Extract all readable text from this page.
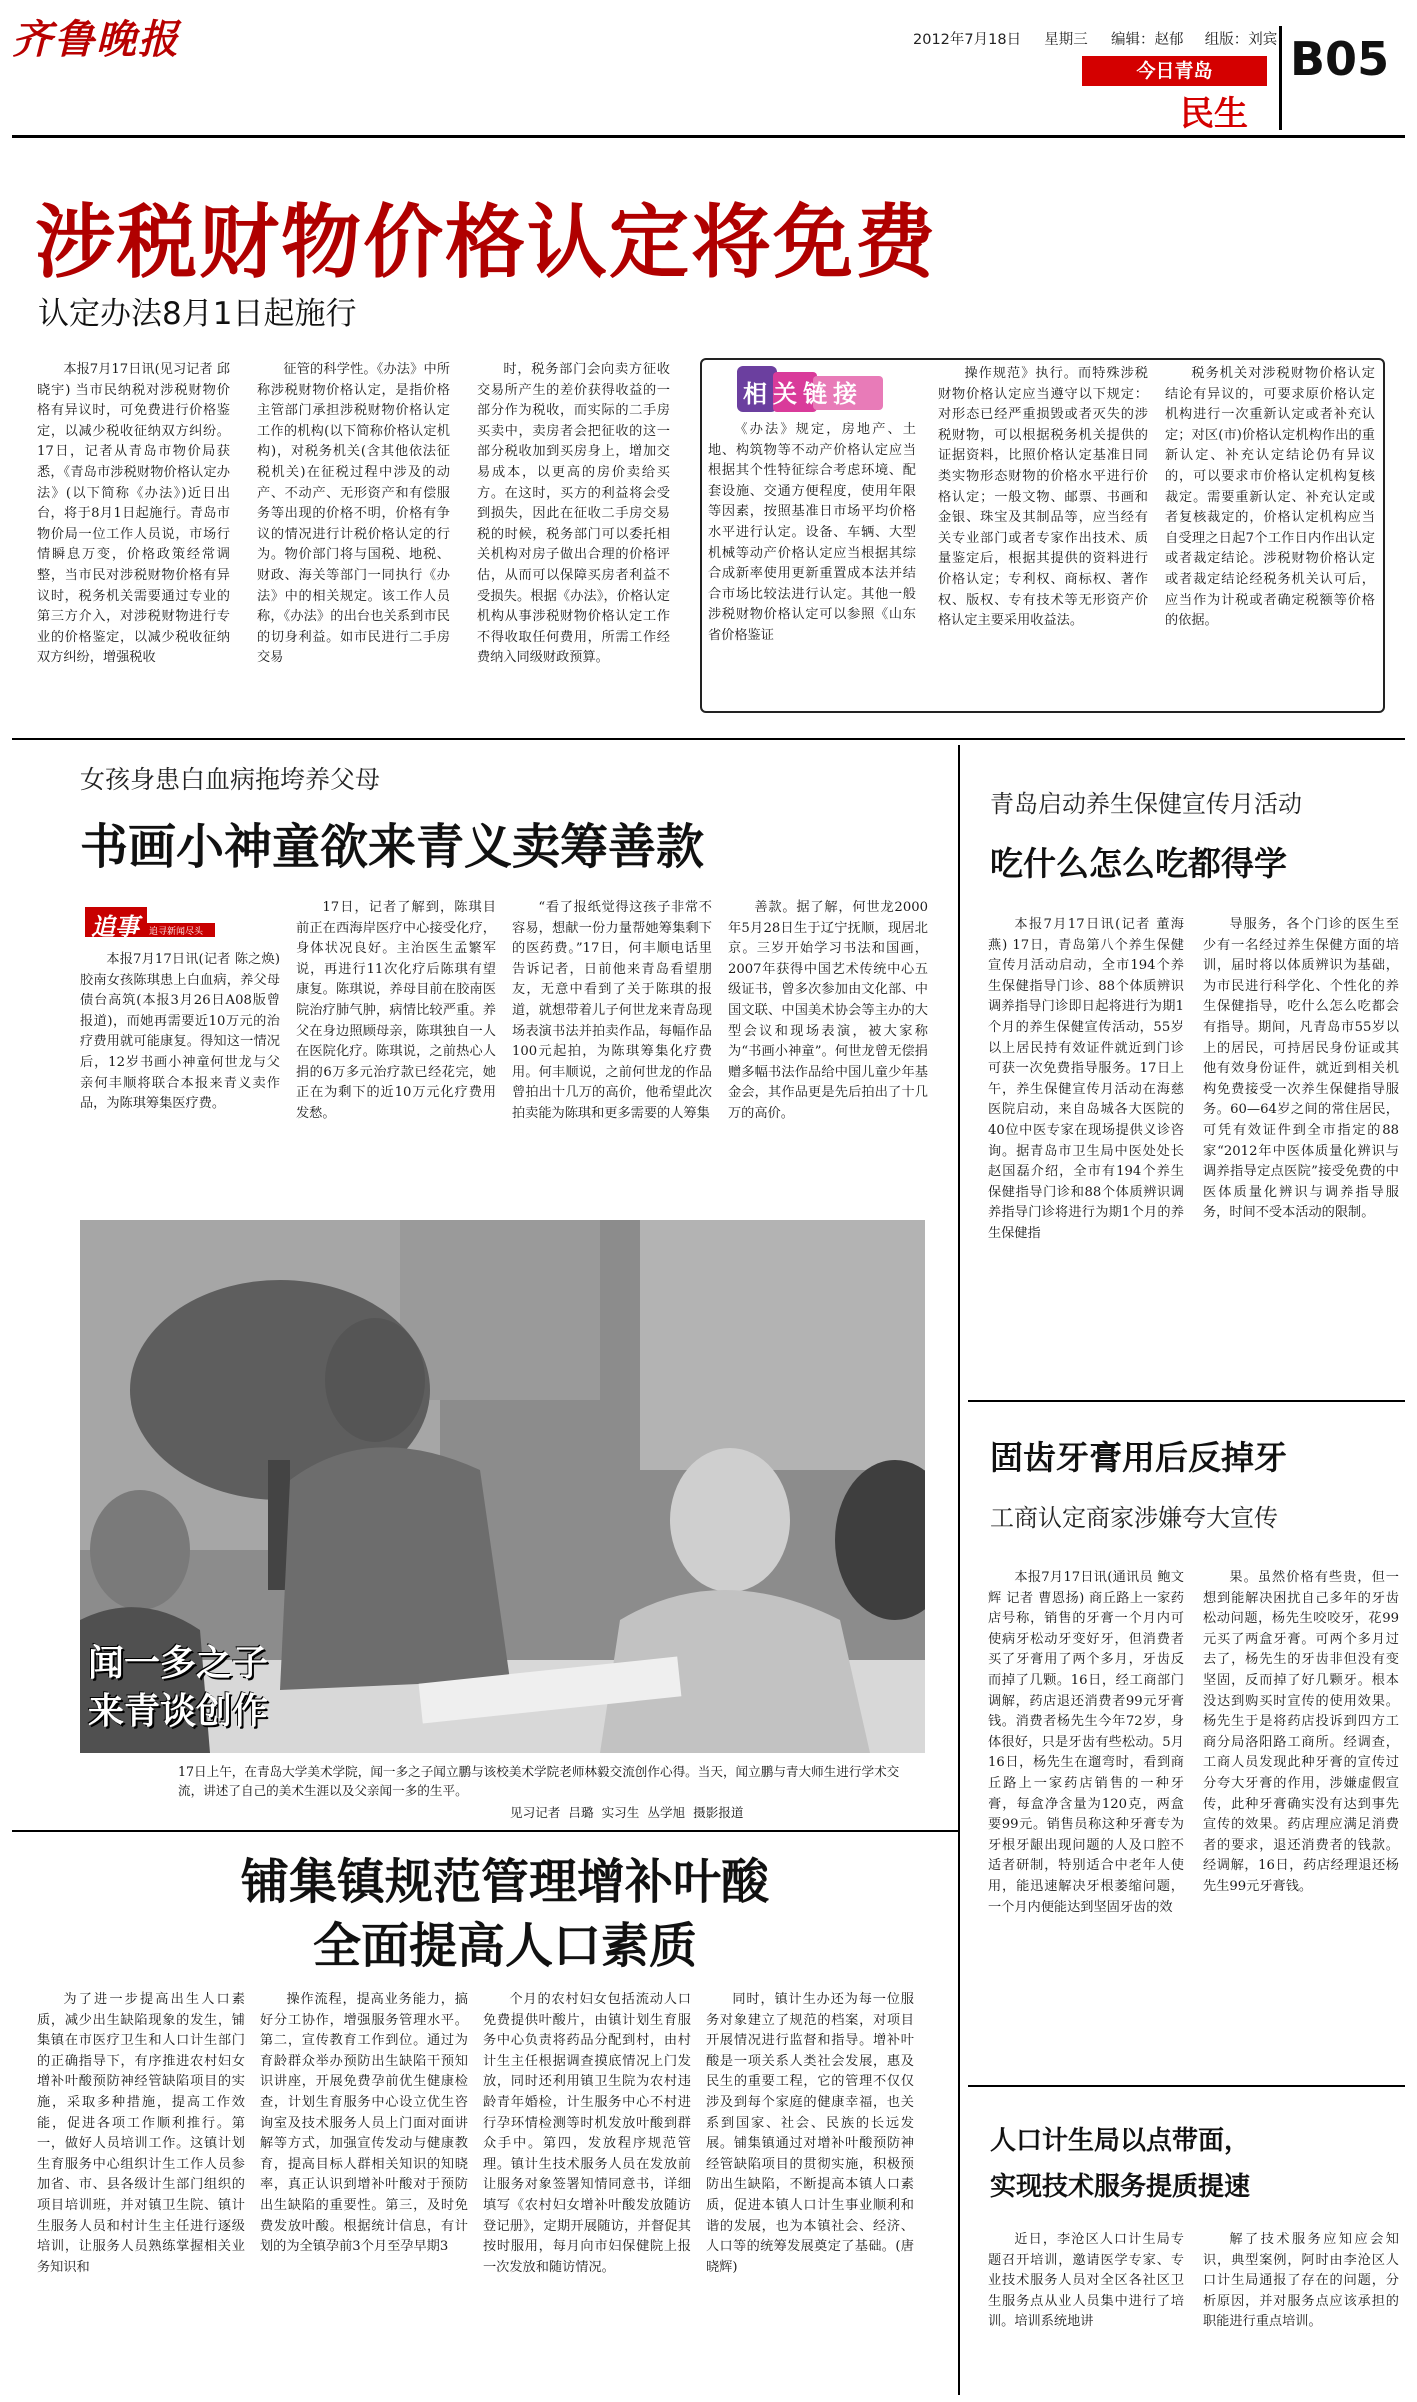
齐鲁晚报	2012年7月18日 星期三 编辑：赵郁 组版：刘宾
今日青岛
民生
B05
涉税财物价格认定将免费
认定办法8月1日起施行

本报7月17日讯(见习记者 邱晓宇) 当市民纳税对涉税财物价格有异议时，可免费进行价格鉴定，以减少税收征纳双方纠纷。17日，记者从青岛市物价局获悉，《青岛市涉税财物价格认定办法》(以下简称《办法》)近日出台，将于8月1日起施行。青岛市物价局一位工作人员说，市场行情瞬息万变，价格政策经常调整，当市民对涉税财物价格有异议时，税务机关需要通过专业的第三方介入，对涉税财物进行专业的价格鉴定，以减少税收征纳双方纠纷，增强税收

征管的科学性。《办法》中所称涉税财物价格认定，是指价格主管部门承担涉税财物价格认定工作的机构(以下简称价格认定机构)，对税务机关(含其他依法征税机关)在征税过程中涉及的动产、不动产、无形资产和有偿服务等出现的价格不明，价格有争议的情况进行计税价格认定的行为。物价部门将与国税、地税、财政、海关等部门一同执行《办法》中的相关规定。该工作人员称，《办法》的出台也关系到市民的切身利益。如市民进行二手房交易

时，税务部门会向卖方征收交易所产生的差价获得收益的一部分作为税收，而实际的二手房买卖中，卖房者会把征收的这一部分税收加到买房身上，增加交易成本，以更高的房价卖给买方。在这时，买方的利益将会受到损失，因此在征收二手房交易税的时候，税务部门可以委托相关机构对房子做出合理的价格评估，从而可以保障买房者利益不受损失。根据《办法》，价格认定机构从事涉税财物价格认定工作不得收取任何费用，所需工作经费纳入同级财政预算。

相关链接

《办法》规定，房地产、土地、构筑物等不动产价格认定应当根据其个性特征综合考虑环境、配套设施、交通方便程度，使用年限等因素，按照基准日市场平均价格水平进行认定。设备、车辆、大型机械等动产价格认定应当根据其综合成新率使用更新重置成本法并结合市场比较法进行认定。其他一般涉税财物价格认定可以参照《山东省价格鉴证

操作规范》执行。而特殊涉税财物价格认定应当遵守以下规定：对形态已经严重损毁或者灭失的涉税财物，可以根据税务机关提供的证据资料，比照价格认定基准日同类实物形态财物的价格水平进行价格认定；一般文物、邮票、书画和金银、珠宝及其制品等，应当经有关专业部门或者专家作出技术、质量鉴定后，根据其提供的资料进行价格认定；专利权、商标权、著作权、版权、专有技术等无形资产价格认定主要采用收益法。

税务机关对涉税财物价格认定结论有异议的，可要求原价格认定机构进行一次重新认定或者补充认定；对区(市)价格认定机构作出的重新认定、补充认定结论仍有异议的，可以要求市价格认定机构复核裁定。需要重新认定、补充认定或者复核裁定的，价格认定机构应当自受理之日起7个工作日内作出认定或者裁定结论。涉税财物价格认定或者裁定结论经税务机关认可后，应当作为计税或者确定税额等价格的依据。

女孩身患白血病拖垮养父母
书画小神童欲来青义卖筹善款
追事 追寻新闻尽头

本报7月17日讯(记者 陈之焕) 胶南女孩陈琪患上白血病，养父母债台高筑(本报3月26日A08版曾报道)，而她再需要近10万元的治疗费用就可能康复。得知这一情况后，12岁书画小神童何世龙与父亲何丰顺将联合本报来青义卖作品，为陈琪筹集医疗费。

17日，记者了解到，陈琪目前正在西海岸医疗中心接受化疗，身体状况良好。主治医生孟繁军说，再进行11次化疗后陈琪有望康复。陈琪说，养母目前在胶南医院治疗肺气肿，病情比较严重。养父在身边照顾母亲，陈琪独自一人在医院化疗。陈琪说，之前热心人捐的6万多元治疗款已经花完，她正在为剩下的近10万元化疗费用发愁。

“看了报纸觉得这孩子非常不容易，想献一份力量帮她筹集剩下的医药费。”17日，何丰顺电话里告诉记者，日前他来青岛看望朋友，无意中看到了关于陈琪的报道，就想带着儿子何世龙来青岛现场表演书法并拍卖作品，每幅作品100元起拍，为陈琪筹集化疗费用。何丰顺说，之前何世龙的作品曾拍出十几万的高价，他希望此次拍卖能为陈琪和更多需要的人筹集

善款。据了解，何世龙2000年5月28日生于辽宁抚顺，现居北京。三岁开始学习书法和国画，2007年获得中国艺术传统中心五级证书，曾多次参加由文化部、中国文联、中国美术协会等主办的大型会议和现场表演，被大家称为“书画小神童”。何世龙曾无偿捐赠多幅书法作品给中国儿童少年基金会，其作品更是先后拍出了十几万的高价。

闻一多之子
来青谈创作
17日上午，在青岛大学美术学院，闻一多之子闻立鹏与该校美术学院老师林毅交流创作心得。当天，闻立鹏与青大师生进行学术交流，讲述了自己的美术生涯以及父亲闻一多的生平。
见习记者  吕璐  实习生  丛学旭  摄影报道
铺集镇规范管理增补叶酸
全面提高人口素质

为了进一步提高出生人口素质，减少出生缺陷现象的发生，铺集镇在市医疗卫生和人口计生部门的正确指导下，有序推进农村妇女增补叶酸预防神经管缺陷项目的实施，采取多种措施，提高工作效能，促进各项工作顺利推行。第一，做好人员培训工作。这镇计划生育服务中心组织计生工作人员参加省、市、县各级计生部门组织的项目培训班，并对镇卫生院、镇计生服务人员和村计生主任进行逐级培训，让服务人员熟练掌握相关业务知识和

操作流程，提高业务能力，搞好分工协作，增强服务管理水平。第二，宣传教育工作到位。通过为育龄群众举办预防出生缺陷干预知识讲座，开展免费孕前优生健康检查，计划生育服务中心设立优生咨询室及技术服务人员上门面对面讲解等方式，加强宣传发动与健康教育，提高目标人群相关知识的知晓率，真正认识到增补叶酸对于预防出生缺陷的重要性。第三，及时免费发放叶酸。根据统计信息，有计划的为全镇孕前3个月至孕早期3

个月的农村妇女包括流动人口免费提供叶酸片，由镇计划生育服务中心负责将药品分配到村，由村计生主任根据调查摸底情况上门发放，同时还利用镇卫生院为农村违龄青年婚检，计生服务中心不村进行孕环情检测等时机发放叶酸到群众手中。第四，发放程序规范管理。镇计生技术服务人员在发放前让服务对象签署知情同意书，详细填写《农村妇女增补叶酸发放随访登记册》，定期开展随访，并督促其按时服用，每月向市妇保健院上报一次发放和随访情况。

同时，镇计生办还为每一位服务对象建立了规范的档案，对项目开展情况进行监督和指导。增补叶酸是一项关系人类社会发展，惠及民生的重要工程，它的管理不仅仅涉及到每个家庭的健康幸福，也关系到国家、社会、民族的长远发展。铺集镇通过对增补叶酸预防神经管缺陷项目的贯彻实施，积极预防出生缺陷，不断提高本镇人口素质，促进本镇人口计生事业顺利和谐的发展，也为本镇社会、经济、人口等的统筹发展奠定了基础。(唐晓辉)

青岛启动养生保健宣传月活动
吃什么怎么吃都得学

本报7月17日讯(记者 董海燕) 17日，青岛第八个养生保健宣传月活动启动，全市194个养生保健指导门诊、88个体质辨识调养指导门诊即日起将进行为期1个月的养生保健宣传活动，55岁以上居民持有效证件就近到门诊可获一次免费指导服务。17日上午，养生保健宣传月活动在海慈医院启动，来自岛城各大医院的40位中医专家在现场提供义诊咨询。据青岛市卫生局中医处处长赵国磊介绍，全市有194个养生保健指导门诊和88个体质辨识调养指导门诊将进行为期1个月的养生保健指

导服务，各个门诊的医生至少有一名经过养生保健方面的培训，届时将以体质辨识为基础，为市民进行科学化、个性化的养生保健指导，吃什么怎么吃都会有指导。期间，凡青岛市55岁以上的居民，可持居民身份证或其他有效身份证件，就近到相关机构免费接受一次养生保健指导服务。60—64岁之间的常住居民，可凭有效证件到全市指定的88家“2012年中医体质量化辨识与调养指导定点医院”接受免费的中医体质量化辨识与调养指导服务，时间不受本活动的限制。

固齿牙膏用后反掉牙
工商认定商家涉嫌夸大宣传

本报7月17日讯(通讯员 鲍文辉 记者 曹恩扬) 商丘路上一家药店号称，销售的牙膏一个月内可使病牙松动牙变好牙，但消费者买了牙膏用了两个多月，牙齿反而掉了几颗。16日，经工商部门调解，药店退还消费者99元牙膏钱。消费者杨先生今年72岁，身体很好，只是牙齿有些松动。5月16日，杨先生在遛弯时，看到商丘路上一家药店销售的一种牙膏，每盒净含量为120克，两盒要99元。销售员称这种牙膏专为牙根牙龈出现问题的人及口腔不适者研制，特别适合中老年人使用，能迅速解决牙根萎缩问题，一个月内便能达到坚固牙齿的效

果。虽然价格有些贵，但一想到能解决困扰自己多年的牙齿松动问题，杨先生咬咬牙，花99元买了两盒牙膏。可两个多月过去了，杨先生的牙齿非但没有变坚固，反而掉了好几颗牙。根本没达到购买时宣传的使用效果。杨先生于是将药店投诉到四方工商分局洛阳路工商所。经调查，工商人员发现此种牙膏的宣传过分夸大牙膏的作用，涉嫌虚假宣传，此种牙膏确实没有达到事先宣传的效果。药店理应满足消费者的要求，退还消费者的钱款。经调解，16日，药店经理退还杨先生99元牙膏钱。

人口计生局以点带面，
实现技术服务提质提速

近日，李沧区人口计生局专题召开培训，邀请医学专家、专业技术服务人员对全区各社区卫生服务点从业人员集中进行了培训。培训系统地讲

解了技术服务应知应会知识，典型案例，阿时由李沧区人口计生局通报了存在的问题，分析原因，并对服务点应该承担的职能进行重点培训。
